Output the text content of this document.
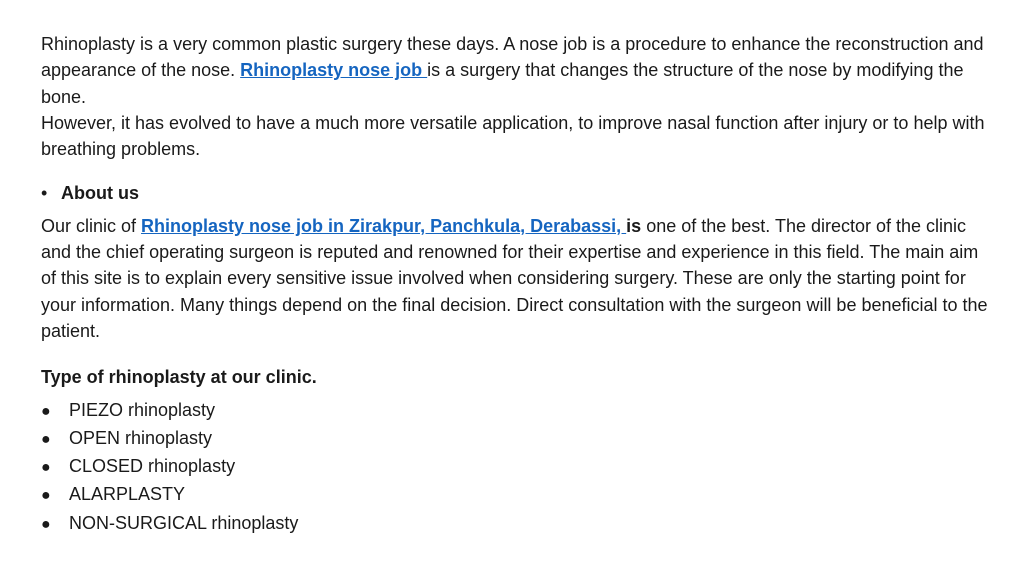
Rhinoplasty is a very common plastic surgery these days. A nose job is a procedure to enhance the reconstruction and appearance of the nose. Rhinoplasty nose job is a surgery that changes the structure of the nose by modifying the bone.

However, it has evolved to have a much more versatile application, to improve nasal function after injury or to help with breathing problems.

• About us

Our clinic of Rhinoplasty nose job in Zirakpur, Panchkula, Derabassi, is one of the best. The director of the clinic and the chief operating surgeon is reputed and renowned for their expertise and experience in this field. The main aim of this site is to explain every sensitive issue involved when considering surgery. These are only the starting point for your information. Many things depend on the final decision. Direct consultation with the surgeon will be beneficial to the patient.

Type of rhinoplasty at our clinic.

●	PIEZO rhinoplasty
●	OPEN rhinoplasty
●	CLOSED rhinoplasty
●	ALARPLASTY
●	NON-SURGICAL rhinoplasty
